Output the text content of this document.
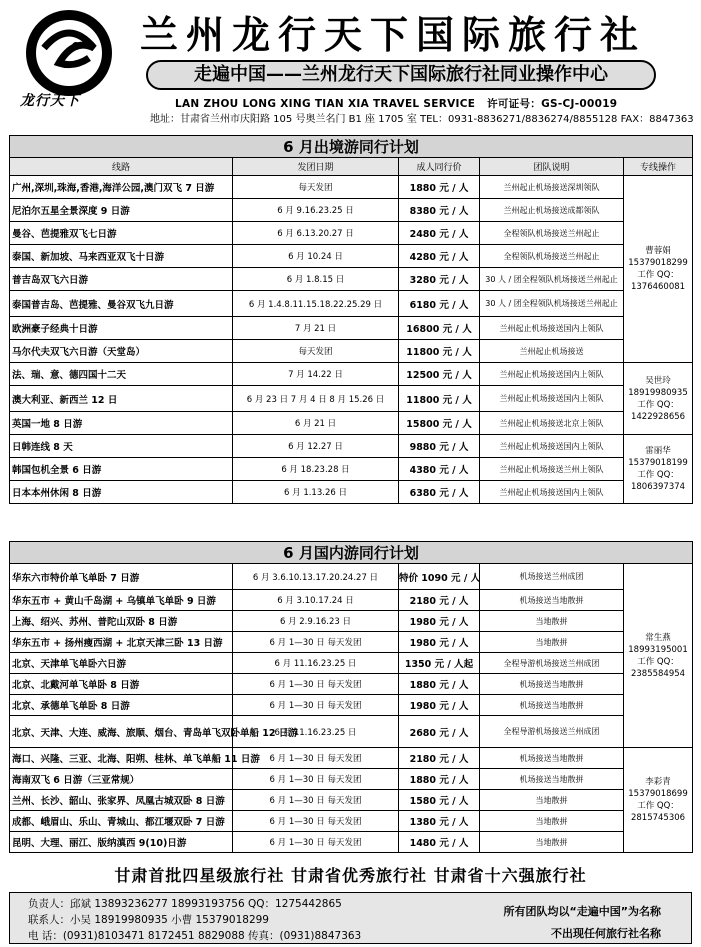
龙行天下
兰州龙行天下国际旅行社
走遍中国——兰州龙行天下国际旅行社同业操作中心
LAN ZHOU LONG XING TIAN XIA TRAVEL SERVICE 许可证号：GS-CJ-00019
地址：甘肃省兰州市庆阳路 105 号奥兰名门 B1 座 1705 室 TEL：0931-8836271/8836274/8855128 FAX：8847363
6 月出境游同行计划				
线路	发团日期	成人同行价	团队说明	专线操作
广州,深圳,珠海,香港,海洋公园,澳门双飞 7 日游	每天发团	1880 元 / 人	兰州起止机场接送深圳领队	曹蓉娟
15379018299
工作 QQ：
1376460081

尼泊尔五星全景深度 9 日游	6 月 9.16.23.25 日	8380 元 / 人	兰州起止机场接送成都领队	
曼谷、芭提雅双飞七日游	6 月 6.13.20.27 日	2480 元 / 人	全程领队机场接送兰州起止	
泰国、新加坡、马来西亚双飞十日游	6 月 10.24 日	4280 元 / 人	全程领队机场接送兰州起止	
普吉岛双飞六日游	6 月 1.8.15 日	3280 元 / 人	30 人 / 团全程领队机场接送兰州起止	
泰国普吉岛、芭提雅、曼谷双飞九日游	6 月 1.4.8.11.15.18.22.25.29 日	6180 元 / 人	30 人 / 团全程领队机场接送兰州起止	
欧洲豪子经典十日游	7 月 21 日	16800 元 / 人	兰州起止机场接送国内上领队	
马尔代夫双飞六日游（天堂岛）	每天发团	11800 元 / 人	兰州起止机场接送	
法、瑞、意、德四国十二天	7 月 14.22 日	12500 元 / 人	兰州起止机场接送国内上领队	吴世玲
18919980935
工作 QQ：
1422928656

澳大利亚、新西兰 12 日	6 月 23 日 7 月 4 日 8 月 15.26 日	11800 元 / 人	兰州起止机场接送国内上领队	
英国一地 8 日游	6 月 21 日	15800 元 / 人	兰州起止机场接送北京上领队	
日韩连线 8 天	6 月 12.27 日	9880 元 / 人	兰州起止机场接送国内上领队	雷丽华
15379018199
工作 QQ：
1806397374

韩国包机全景 6 日游	6 月 18.23.28 日	4380 元 / 人	兰州起止机场接送兰州上领队	
日本本州休闲 8 日游	6 月 1.13.26 日	6380 元 / 人	兰州起止机场接送国内上领队	
6 月国内游同行计划				
华东六市特价单飞单卧 7 日游	6 月 3.6.10.13.17.20.24.27 日	特价 1090 元 / 人	机场接送兰州成团	常生燕
18993195001
工作 QQ：
2385584954

华东五市 + 黄山千岛湖 + 乌镇单飞单卧 9 日游	6 月 3.10.17.24 日	2180 元 / 人	机场接送当地散拼	
上海、绍兴、苏州、普陀山双卧 8 日游	6 月 2.9.16.23 日	1980 元 / 人	当地散拼	
华东五市 + 扬州瘦西湖 + 北京天津三卧 13 日游	6 月 1—30 日 每天发团	1980 元 / 人	当地散拼	
北京、天津单飞单卧六日游	6 月 11.16.23.25 日	1350 元 / 人起	全程导游机场接送兰州成团	
北京、北戴河单飞单卧 8 日游	6 月 1—30 日 每天发团	1880 元 / 人	机场接送当地散拼	
北京、承德单飞单卧 8 日游	6 月 1—30 日 每天发团	1980 元 / 人	机场接送当地散拼	
北京、天津、大连、威海、旅顺、烟台、青岛单飞双卧单船 12 日游	6 月 11.16.23.25 日	2680 元 / 人	全程导游机场接送兰州成团	
海口、兴隆、三亚、北海、阳朔、桂林、单飞单船 11 日游	6 月 1—30 日 每天发团	2180 元 / 人	机场接送当地散拼	李彩青
15379018699
工作 QQ：
2815745306

海南双飞 6 日游（三亚常规）	6 月 1—30 日 每天发团	1880 元 / 人	机场接送当地散拼	
兰州、长沙、韶山、张家界、凤凰古城双卧 8 日游	6 月 1—30 日 每天发团	1580 元 / 人	当地散拼	
成都、峨眉山、乐山、青城山、都江堰双卧 7 日游	6 月 1—30 日 每天发团	1380 元 / 人	当地散拼	
昆明、大理、丽江、版纳滇西 9(10)日游	6 月 1—30 日 每天发团	1480 元 / 人	当地散拼	
甘肃首批四星级旅行社 甘肃省优秀旅行社 甘肃省十六强旅行社
负责人：邱斌 13893236277 18993193756 QQ：1275442865
联系人：小吴 18919980935 小曹 15379018299
电 话：(0931)8103471 8172451 8829088 传真：(0931)8847363
所有团队均以“走遍中国”为名称
不出现任何旅行社名称
